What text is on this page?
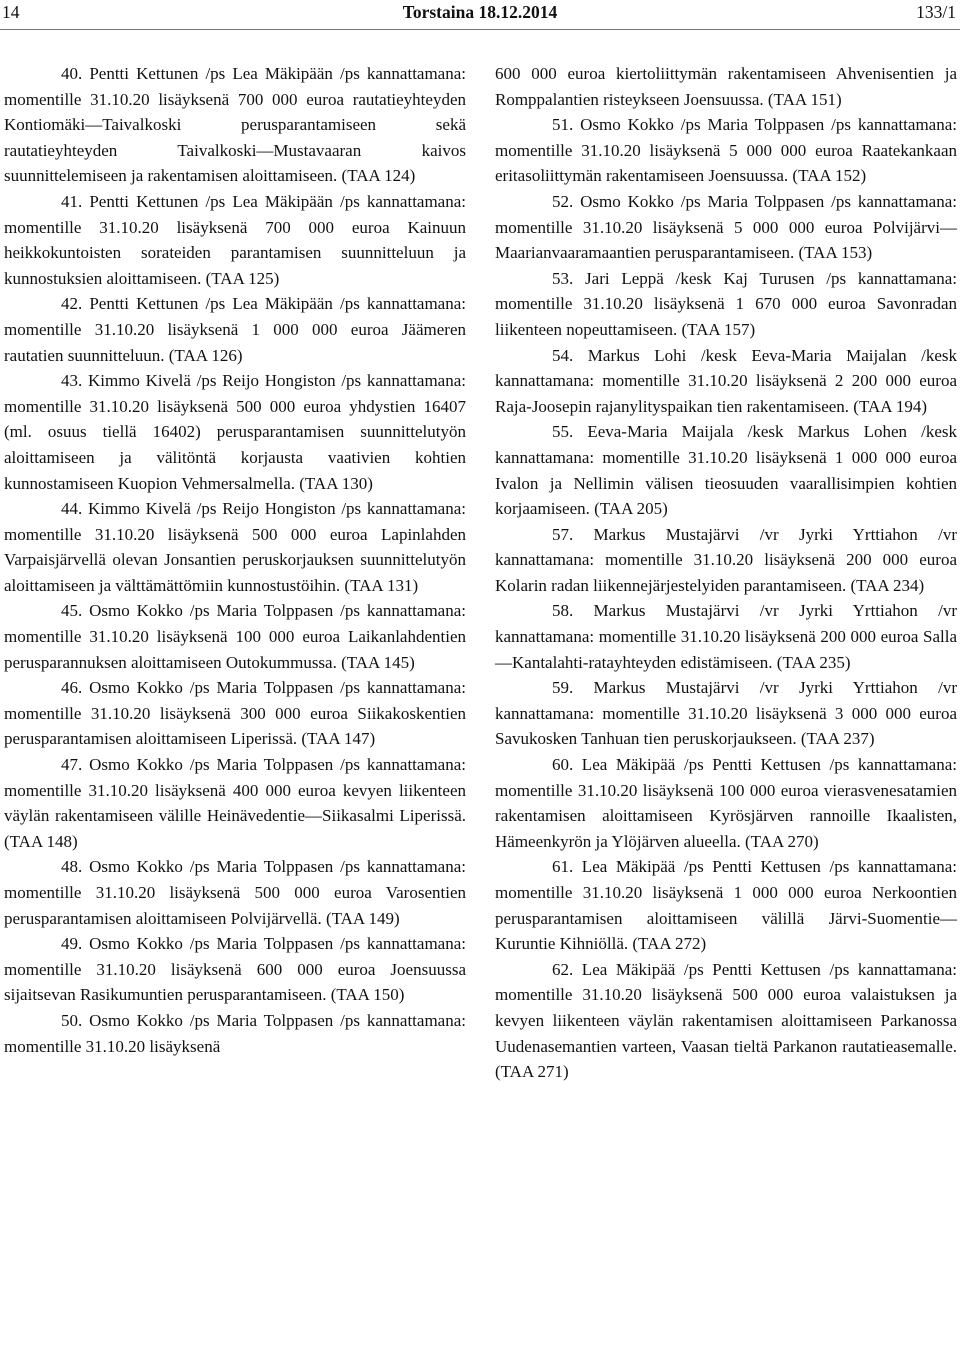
14	Torstaina 18.12.2014	133/1

40. Pentti Kettunen /ps Lea Mäkipään /ps kannattamana: momentille 31.10.20 lisäyksenä 700 000 euroa rautatieyhteyden Kontiomäki—Taivalkoski perusparantamiseen sekä rautatieyhteyden Taivalkoski—Mustavaaran kaivos suunnittelemiseen ja rakentamisen aloittamiseen. (TAA 124)

41. Pentti Kettunen /ps Lea Mäkipään /ps kannattamana: momentille 31.10.20 lisäyksenä 700 000 euroa Kainuun heikkokuntoisten sorateiden parantamisen suunnitteluun ja kunnostuksien aloittamiseen. (TAA 125)

42. Pentti Kettunen /ps Lea Mäkipään /ps kannattamana: momentille 31.10.20 lisäyksenä 1 000 000 euroa Jäämeren rautatien suunnitteluun. (TAA 126)

43. Kimmo Kivelä /ps Reijo Hongiston /ps kannattamana: momentille 31.10.20 lisäyksenä 500 000 euroa yhdystien 16407 (ml. osuus tiellä 16402) perusparantamisen suunnittelutyön aloittamiseen ja välitöntä korjausta vaativien kohtien kunnostamiseen Kuopion Vehmersalmella. (TAA 130)

44. Kimmo Kivelä /ps Reijo Hongiston /ps kannattamana: momentille 31.10.20 lisäyksenä 500 000 euroa Lapinlahden Varpaisjärvellä olevan Jonsantien peruskorjauksen suunnittelutyön aloittamiseen ja välttämättömiin kunnostustöihin. (TAA 131)

45. Osmo Kokko /ps Maria Tolppasen /ps kannattamana: momentille 31.10.20 lisäyksenä 100 000 euroa Laikanlahdentien perusparannuksen aloittamiseen Outokummussa. (TAA 145)

46. Osmo Kokko /ps Maria Tolppasen /ps kannattamana: momentille 31.10.20 lisäyksenä 300 000 euroa Siikakoskentien perusparantamisen aloittamiseen Liperissä. (TAA 147)

47. Osmo Kokko /ps Maria Tolppasen /ps kannattamana: momentille 31.10.20 lisäyksenä 400 000 euroa kevyen liikenteen väylän rakentamiseen välille Heinävedentie—Siikasalmi Liperissä. (TAA 148)

48. Osmo Kokko /ps Maria Tolppasen /ps kannattamana: momentille 31.10.20 lisäyksenä 500 000 euroa Varosentien perusparantamisen aloittamiseen Polvijärvellä. (TAA 149)

49. Osmo Kokko /ps Maria Tolppasen /ps kannattamana: momentille 31.10.20 lisäyksenä 600 000 euroa Joensuussa sijaitsevan Rasikumuntien perusparantamiseen. (TAA 150)

50. Osmo Kokko /ps Maria Tolppasen /ps kannattamana: momentille 31.10.20 lisäyksenä

600 000 euroa kiertoliittymän rakentamiseen Ahvenisentien ja Romppalantien risteykseen Joensuussa. (TAA 151)

51. Osmo Kokko /ps Maria Tolppasen /ps kannattamana: momentille 31.10.20 lisäyksenä 5 000 000 euroa Raatekankaan eritasoliittymän rakentamiseen Joensuussa. (TAA 152)

52. Osmo Kokko /ps Maria Tolppasen /ps kannattamana: momentille 31.10.20 lisäyksenä 5 000 000 euroa Polvijärvi—Maarianvaaramaantien perusparantamiseen. (TAA 153)

53. Jari Leppä /kesk Kaj Turusen /ps kannattamana: momentille 31.10.20 lisäyksenä 1 670 000 euroa Savonradan liikenteen nopeuttamiseen. (TAA 157)

54. Markus Lohi /kesk Eeva-Maria Maijalan /kesk kannattamana: momentille 31.10.20 lisäyksenä 2 200 000 euroa Raja-Joosepin rajanylityspaikan tien rakentamiseen. (TAA 194)

55. Eeva-Maria Maijala /kesk Markus Lohen /kesk kannattamana: momentille 31.10.20 lisäyksenä 1 000 000 euroa Ivalon ja Nellimin välisen tieosuuden vaarallisimpien kohtien korjaamiseen. (TAA 205)

57. Markus Mustajärvi /vr Jyrki Yrttiahon /vr kannattamana: momentille 31.10.20 lisäyksenä 200 000 euroa Kolarin radan liikennejärjestelyiden parantamiseen. (TAA 234)

58. Markus Mustajärvi /vr Jyrki Yrttiahon /vr kannattamana: momentille 31.10.20 lisäyksenä 200 000 euroa Salla—Kantalahti-ratayhteyden edistämiseen. (TAA 235)

59. Markus Mustajärvi /vr Jyrki Yrttiahon /vr kannattamana: momentille 31.10.20 lisäyksenä 3 000 000 euroa Savukosken Tanhuan tien peruskorjaukseen. (TAA 237)

60. Lea Mäkipää /ps Pentti Kettusen /ps kannattamana: momentille 31.10.20 lisäyksenä 100 000 euroa vierasvenesatamien rakentamisen aloittamiseen Kyrösjärven rannoille Ikaalisten, Hämeenkyrön ja Ylöjärven alueella. (TAA 270)

61. Lea Mäkipää /ps Pentti Kettusen /ps kannattamana: momentille 31.10.20 lisäyksenä 1 000 000 euroa Nerkoontien perusparantamisen aloittamiseen välillä Järvi-Suomentie—Kuruntie Kihniöllä. (TAA 272)

62. Lea Mäkipää /ps Pentti Kettusen /ps kannattamana: momentille 31.10.20 lisäyksenä 500 000 euroa valaistuksen ja kevyen liikenteen väylän rakentamisen aloittamiseen Parkanossa Uudenasemantien varteen, Vaasan tieltä Parkanon rautatieasemalle. (TAA 271)
